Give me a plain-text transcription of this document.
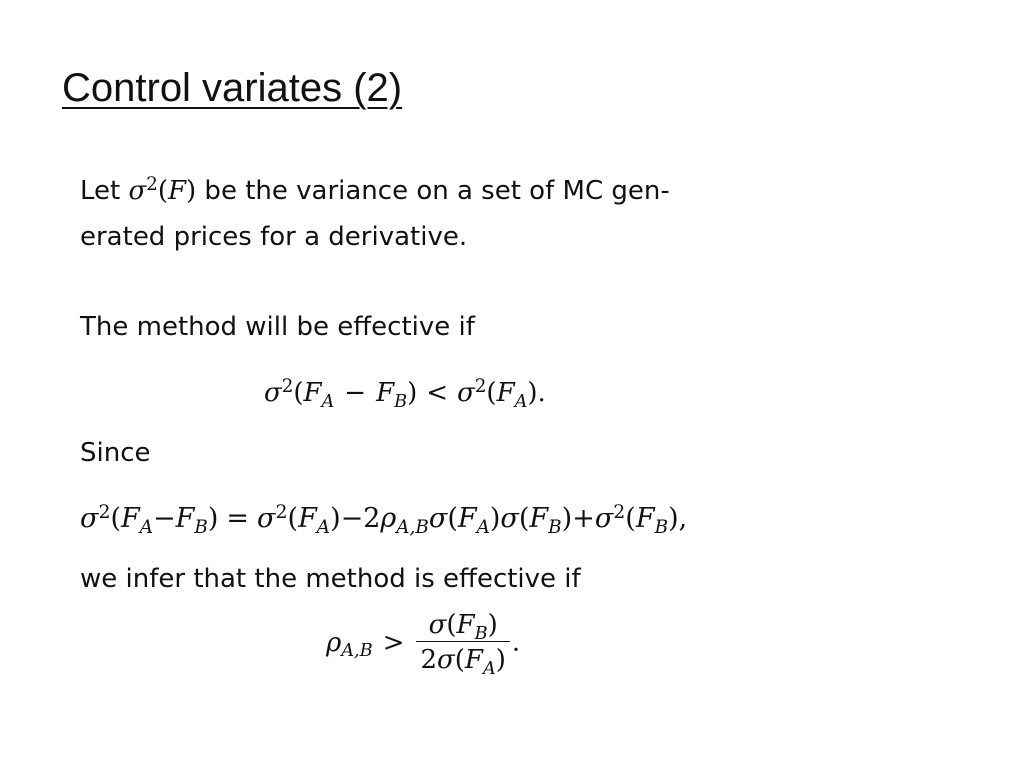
Control variates (2)

Let $\sigma^2(F)$ be the variance on a set of MC gen-

erated prices for a derivative.

The method will be effective if

$\sigma^2(F_A - F_B) < \sigma^2(F_A)$.

Since

$\sigma^2(F_A-F_B) = \sigma^2(F_A)-2\rho_{A,B}\sigma(F_A)\sigma(F_B)+\sigma^2(F_B)$,

we infer that the method is effective if

$\rho_{A,B} > \frac{\sigma(F_B)}{2\sigma(F_A)}$ .
